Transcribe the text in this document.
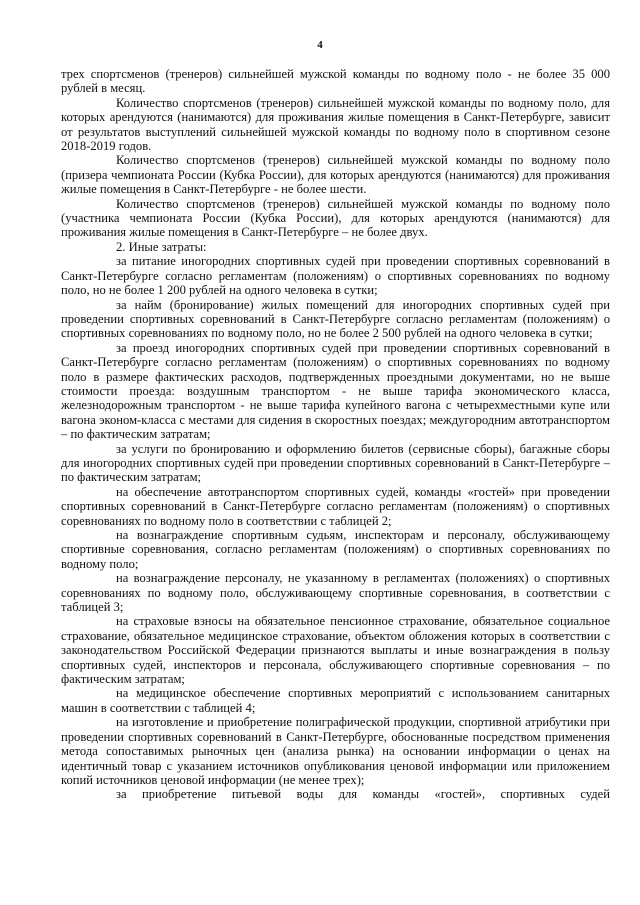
4

трех спортсменов (тренеров) сильнейшей мужской команды по водному поло - не более 35 000 рублей в месяц.

Количество спортсменов (тренеров) сильнейшей мужской команды по водному поло, для которых арендуются (нанимаются) для проживания жилые помещения в Санкт-Петербурге, зависит от результатов выступлений сильнейшей мужской команды по водному поло в спортивном сезоне 2018-2019 годов.

Количество спортсменов (тренеров) сильнейшей мужской команды по водному поло (призера чемпионата России (Кубка России), для которых арендуются (нанимаются) для проживания жилые помещения в Санкт-Петербурге - не более шести.

Количество спортсменов (тренеров) сильнейшей мужской команды по водному поло (участника чемпионата России (Кубка России), для которых арендуются (нанимаются) для проживания жилые помещения в Санкт-Петербурге – не более двух.

2. Иные затраты:

за питание иногородних спортивных судей при проведении спортивных соревнований в Санкт-Петербурге согласно регламентам (положениям) о спортивных соревнованиях по водному поло, но не более 1 200 рублей на одного человека в сутки;

за найм (бронирование) жилых помещений для иногородних спортивных судей при проведении спортивных соревнований в Санкт-Петербурге согласно регламентам (положениям) о спортивных соревнованиях по водному поло, но не более 2 500 рублей на одного человека в сутки;

за проезд иногородних спортивных судей при проведении спортивных соревнований в Санкт-Петербурге согласно регламентам (положениям) о спортивных соревнованиях по водному поло в размере фактических расходов, подтвержденных проездными документами, но не выше стоимости проезда: воздушным транспортом - не выше тарифа экономического класса, железнодорожным транспортом - не выше тарифа купейного вагона с четырехместными купе или вагона эконом-класса с местами для сидения в скоростных поездах; междугородним автотранспортом – по фактическим затратам;

за услуги по бронированию и оформлению билетов (сервисные сборы), багажные сборы для иногородних спортивных судей при проведении спортивных соревнований в Санкт-Петербурге – по фактическим затратам;

на обеспечение автотранспортом спортивных судей, команды «гостей» при проведении спортивных соревнований в Санкт-Петербурге согласно регламентам (положениям) о спортивных соревнованиях по водному поло в соответствии с таблицей 2;

на вознаграждение спортивным судьям, инспекторам и персоналу, обслуживающему спортивные соревнования, согласно регламентам (положениям) о спортивных соревнованиях по водному поло;

на вознаграждение персоналу, не указанному в регламентах (положениях) о спортивных соревнованиях по водному поло, обслуживающему спортивные соревнования, в соответствии с таблицей 3;

на страховые взносы на обязательное пенсионное страхование, обязательное социальное страхование, обязательное медицинское страхование, объектом обложения которых в соответствии с законодательством Российской Федерации признаются выплаты и иные вознаграждения в пользу спортивных судей, инспекторов и персонала, обслуживающего спортивные соревнования – по фактическим затратам;

на медицинское обеспечение спортивных мероприятий с использованием санитарных машин в соответствии с таблицей 4;

на изготовление и приобретение полиграфической продукции, спортивной атрибутики при проведении спортивных соревнований в Санкт-Петербурге, обоснованные посредством применения метода сопоставимых рыночных цен (анализа рынка) на основании информации о ценах на идентичный товар с указанием источников опубликования ценовой информации или приложением копий источников ценовой информации (не менее трех);

за приобретение питьевой воды для команды «гостей», спортивных судей
